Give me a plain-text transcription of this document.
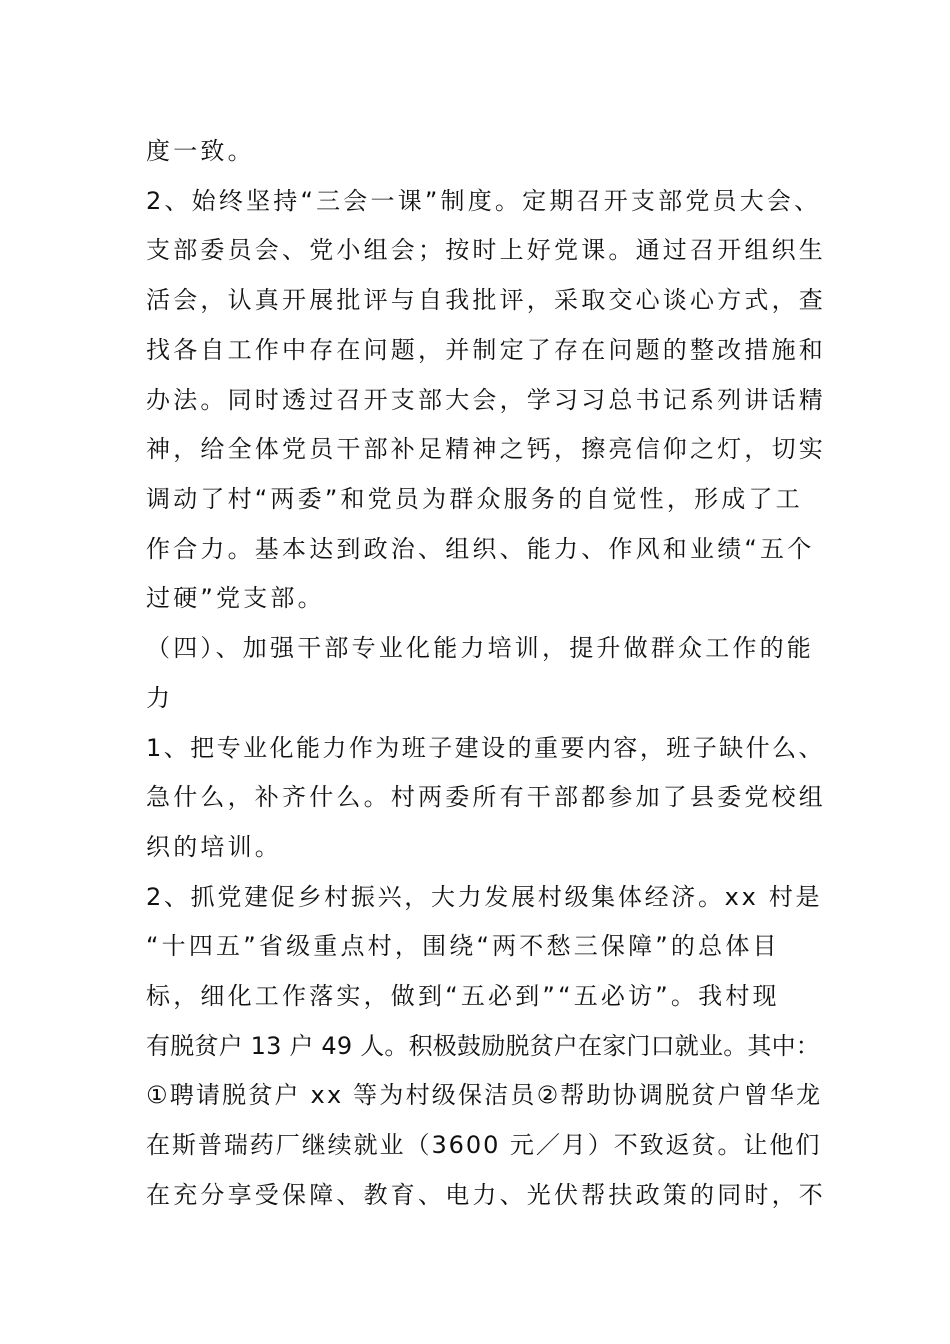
度一致。
2、始终坚持“三会一课”制度。定期召开支部党员大会、
支部委员会、党小组会；按时上好党课。通过召开组织生
活会，认真开展批评与自我批评，采取交心谈心方式，查
找各自工作中存在问题，并制定了存在问题的整改措施和
办法。同时透过召开支部大会，学习习总书记系列讲话精
神，给全体党员干部补足精神之钙，擦亮信仰之灯，切实
调动了村“两委”和党员为群众服务的自觉性，形成了工
作合力。基本达到政治、组织、能力、作风和业绩“五个
过硬”党支部。
（四）、加强干部专业化能力培训，提升做群众工作的能
力
1、把专业化能力作为班子建设的重要内容，班子缺什么、
急什么，补齐什么。村两委所有干部都参加了县委党校组
织的培训。
2、抓党建促乡村振兴，大力发展村级集体经济。xx 村是
“十四五”省级重点村，围绕“两不愁三保障”的总体目
标，细化工作落实，做到“五必到”“五必访”。我村现
有脱贫户 13 户 49 人。积极鼓励脱贫户在家门口就业。其中：
①聘请脱贫户 xx 等为村级保洁员②帮助协调脱贫户曾华龙
在斯普瑞药厂继续就业（3600 元／月）不致返贫。让他们
在充分享受保障、教育、电力、光伏帮扶政策的同时，不
